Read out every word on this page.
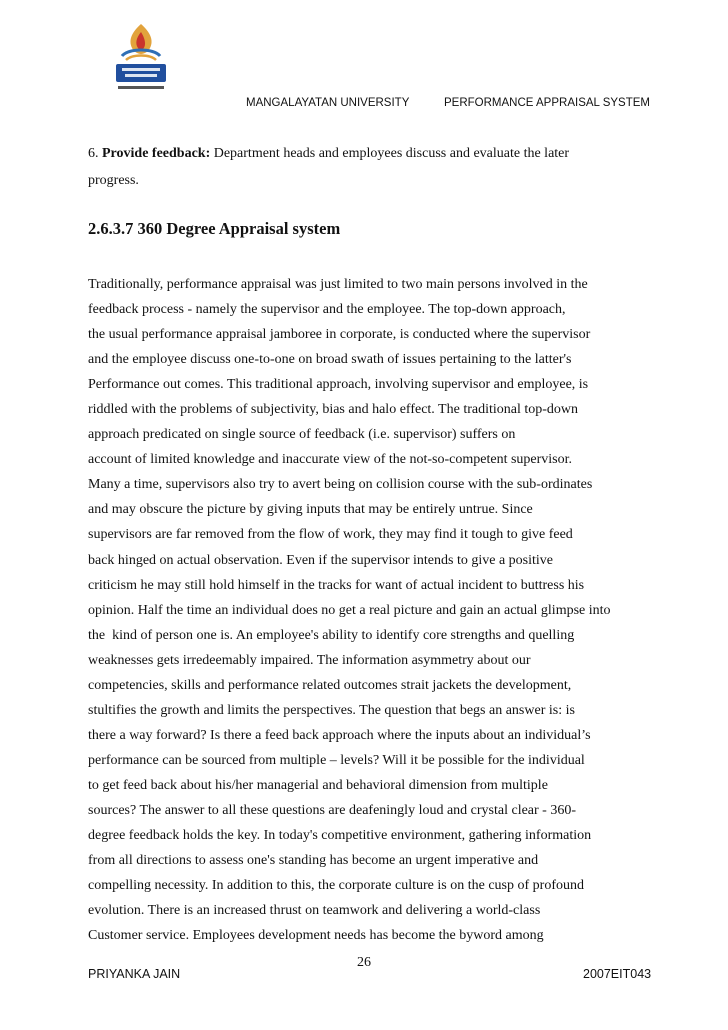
MANGALAYATAN UNIVERSITY	PERFORMANCE APPRAISAL SYSTEM
6. Provide feedback: Department heads and employees discuss and evaluate the later
progress.
2.6.3.7 360 Degree Appraisal system
Traditionally, performance appraisal was just limited to two main persons involved in the
feedback process - namely the supervisor and the employee. The top-down approach,
the usual performance appraisal jamboree in corporate, is conducted where the supervisor
and the employee discuss one-to-one on broad swath of issues pertaining to the latter's
Performance out comes. This traditional approach, involving supervisor and employee, is
riddled with the problems of subjectivity, bias and halo effect. The traditional top-down
approach predicated on single source of feedback (i.e. supervisor) suffers on
account of limited knowledge and inaccurate view of the not-so-competent supervisor.
Many a time, supervisors also try to avert being on collision course with the sub-ordinates
and may obscure the picture by giving inputs that may be entirely untrue. Since
supervisors are far removed from the flow of work, they may find it tough to give feed
back hinged on actual observation. Even if the supervisor intends to give a positive
criticism he may still hold himself in the tracks for want of actual incident to buttress his
opinion. Half the time an individual does no get a real picture and gain an actual glimpse into
the  kind of person one is. An employee's ability to identify core strengths and quelling
weaknesses gets irredeemably impaired. The information asymmetry about our
competencies, skills and performance related outcomes strait jackets the development,
stultifies the growth and limits the perspectives. The question that begs an answer is: is
there a way forward? Is there a feed back approach where the inputs about an individual’s
performance can be sourced from multiple – levels? Will it be possible for the individual
to get feed back about his/her managerial and behavioral dimension from multiple
sources? The answer to all these questions are deafeningly loud and crystal clear - 360-
degree feedback holds the key. In today's competitive environment, gathering information
from all directions to assess one's standing has become an urgent imperative and
compelling necessity. In addition to this, the corporate culture is on the cusp of profound
evolution. There is an increased thrust on teamwork and delivering a world-class
Customer service. Employees development needs has become the byword among
26
PRIYANKA JAIN	2007EIT043
